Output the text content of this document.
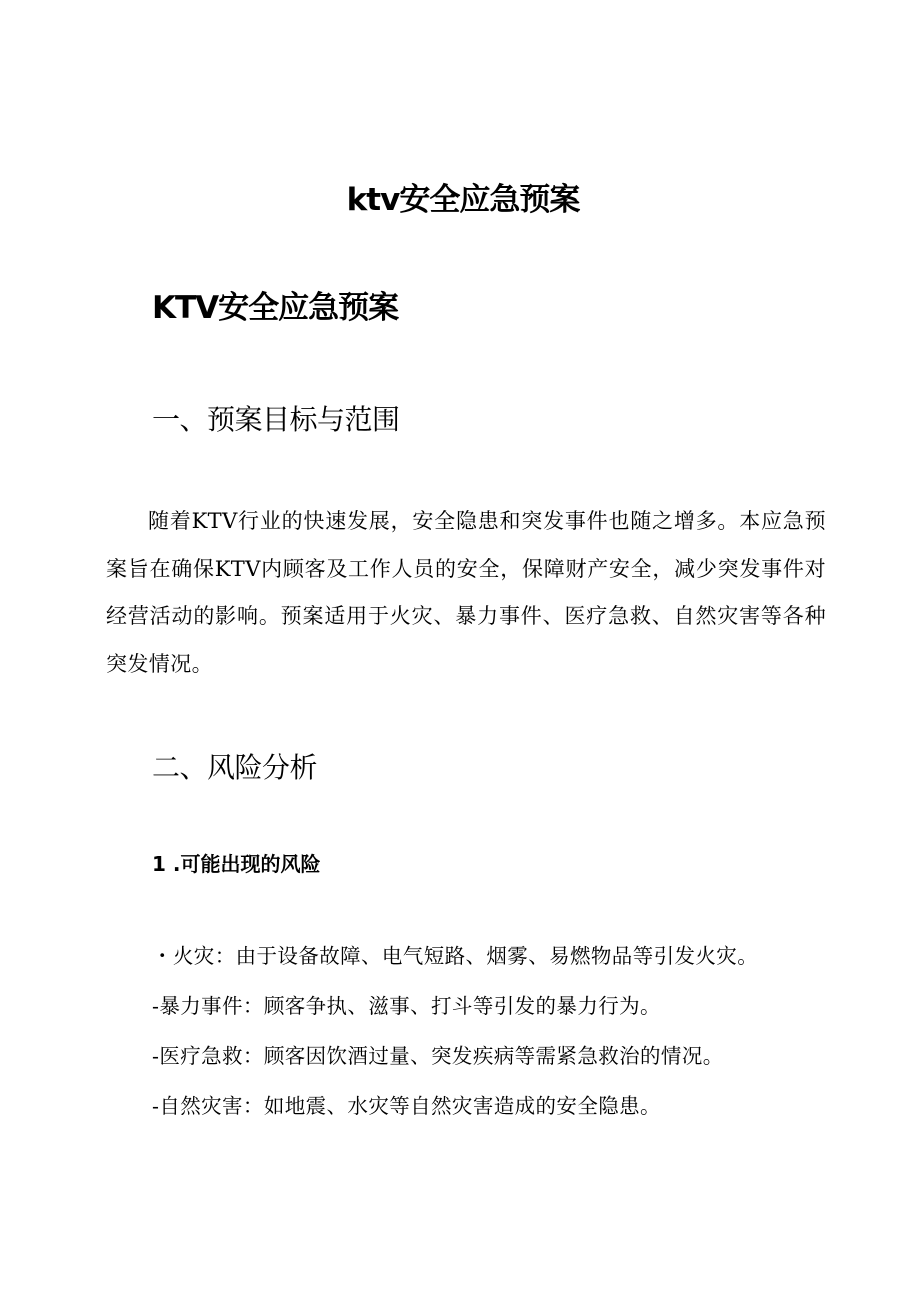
ktv安全应急预案
KTV安全应急预案
一、预案目标与范围

随着KTV行业的快速发展，安全隐患和突发事件也随之增多。本应急预案旨在确保KTV内顾客及工作人员的安全，保障财产安全，减少突发事件对经营活动的影响。预案适用于火灾、暴力事件、医疗急救、自然灾害等各种突发情况。

二、风险分析
1 .可能出现的风险
・火灾：由于设备故障、电气短路、烟雾、易燃物品等引发火灾。
-暴力事件：顾客争执、滋事、打斗等引发的暴力行为。
-医疗急救：顾客因饮酒过量、突发疾病等需紧急救治的情况。
-自然灾害：如地震、水灾等自然灾害造成的安全隐患。
